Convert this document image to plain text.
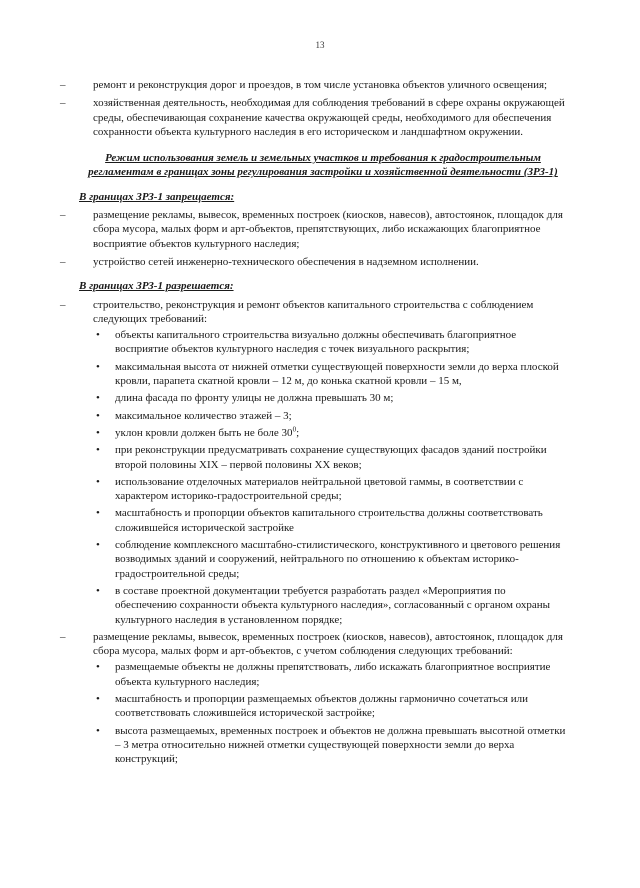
13
–	ремонт и реконструкция дорог и проездов, в том числе установка объектов уличного освещения;
–	хозяйственная деятельность, необходимая для соблюдения требований в сфере охраны окружающей среды, обеспечивающая сохранение качества окружающей среды, необходимого для обеспечения сохранности объекта культурного наследия в его историческом и ландшафтном окружении.
Режим использования земель и земельных участков и требования к градостроительным регламентам в границах зоны регулирования застройки и хозяйственной деятельности (ЗРЗ-1)
В границах ЗРЗ-1 запрещается:
–	размещение рекламы, вывесок, временных построек (киосков, навесов), автостоянок, площадок для сбора мусора, малых форм и арт-объектов, препятствующих, либо искажающих благоприятное восприятие объектов культурного наследия;
–	устройство сетей инженерно-технического обеспечения в надземном исполнении.
В границах ЗРЗ-1 разрешается:
–	строительство, реконструкция и ремонт объектов капитального строительства с соблюдением следующих требований:
• объекты капитального строительства визуально должны обеспечивать благоприятное восприятие объектов культурного наследия с точек визуального раскрытия;
• максимальная высота от нижней отметки существующей поверхности земли до верха плоской кровли, парапета скатной кровли – 12 м, до конька скатной кровли – 15 м,
• длина фасада по фронту улицы не должна превышать 30 м;
• максимальное количество этажей – 3;
• уклон кровли должен быть не боле $30^0$;
• при реконструкции предусматривать сохранение существующих фасадов зданий постройки второй половины XIX – первой половины XX веков;
• использование отделочных материалов нейтральной цветовой гаммы, в соответствии с характером историко-градостроительной среды;
• масштабность и пропорции объектов капитального строительства должны соответствовать сложившейся исторической застройке
• соблюдение комплексного масштабно-стилистического, конструктивного и цветового решения возводимых зданий и сооружений, нейтрального по отношению к объектам историко-градостроительной среды;
• в составе проектной документации требуется разработать раздел «Мероприятия по обеспечению сохранности объекта культурного наследия», согласованный с органом охраны культурного наследия в установленном порядке;
–	размещение рекламы, вывесок, временных построек (киосков, навесов), автостоянок, площадок для сбора мусора, малых форм и арт-объектов, с учетом соблюдения следующих требований:
• размещаемые объекты не должны препятствовать, либо искажать благоприятное восприятие объекта культурного наследия;
• масштабность и пропорции размещаемых объектов должны гармонично сочетаться или соответствовать сложившейся исторической застройке;
• высота размещаемых, временных построек и объектов не должна превышать высотной отметки – 3 метра относительно нижней отметки существующей поверхности земли до верха конструкций;
